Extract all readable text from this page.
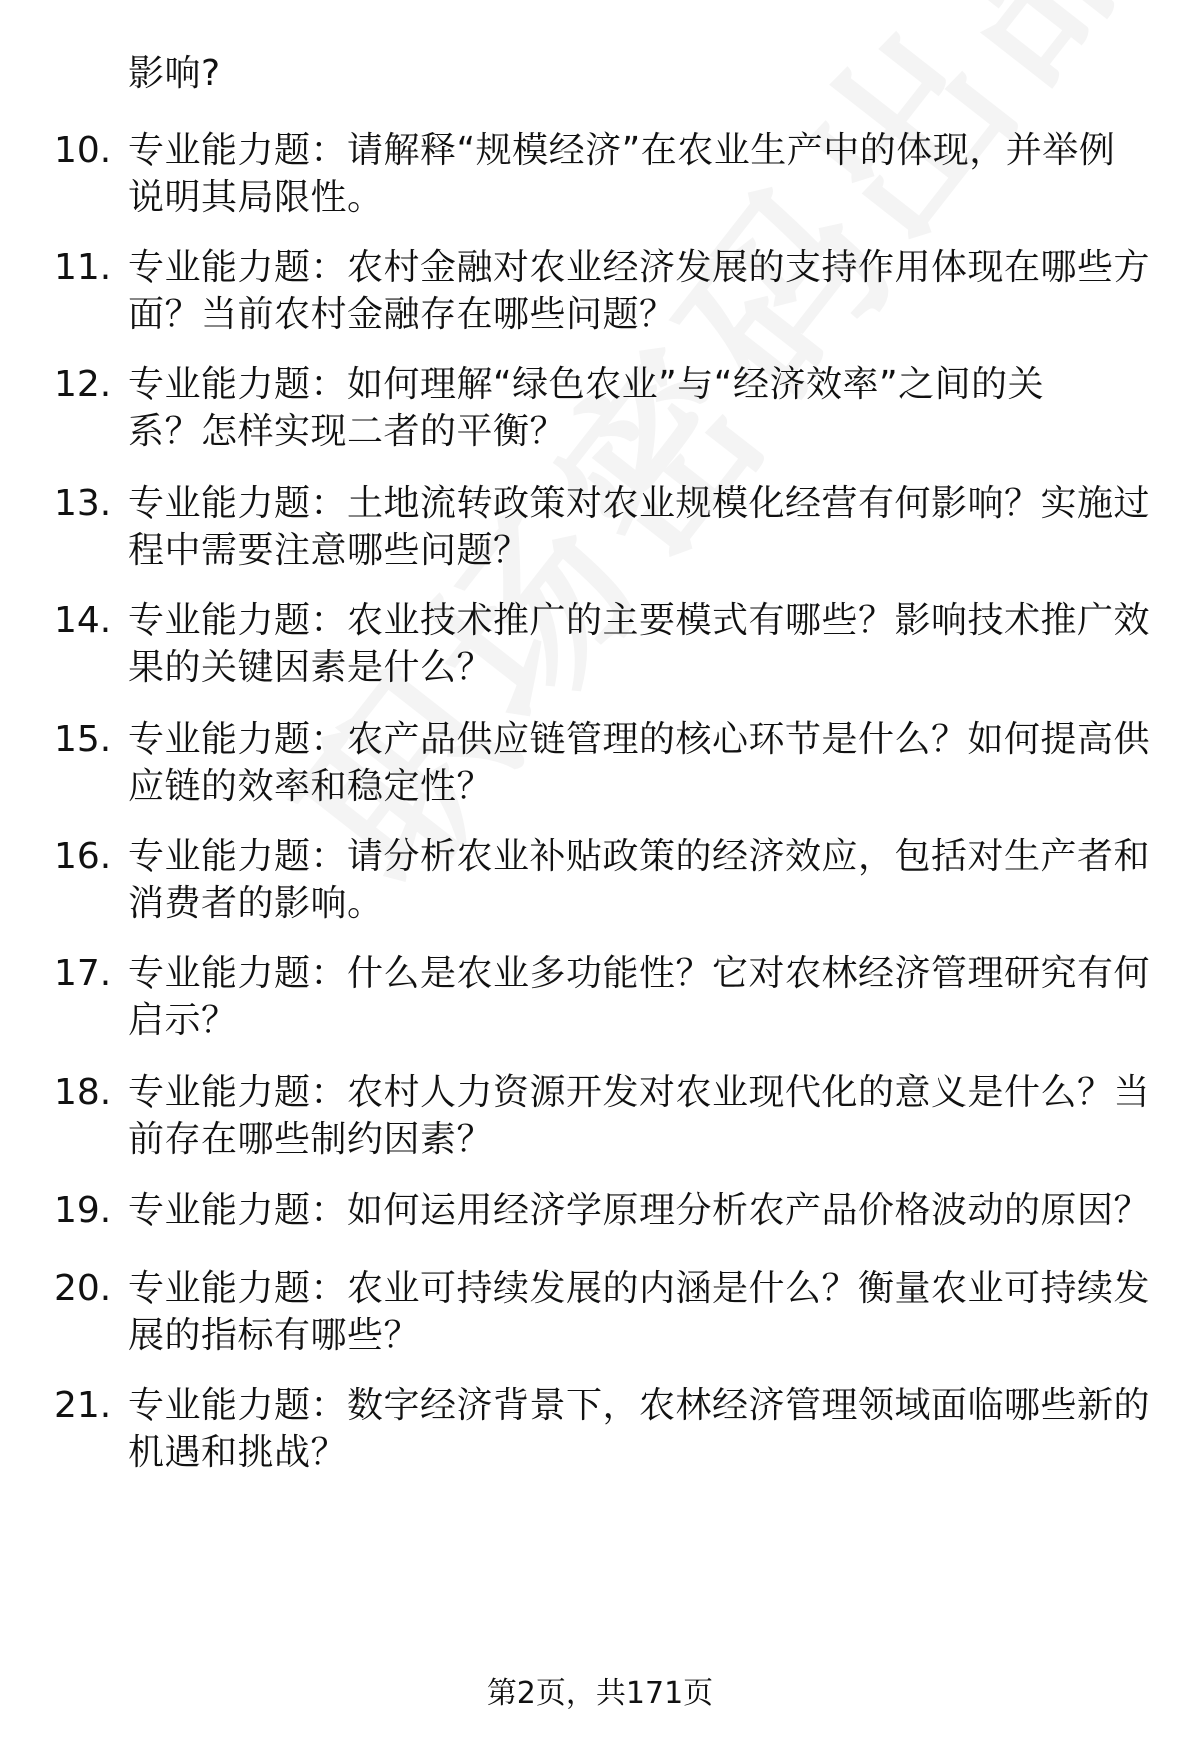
影响?
10. 专业能力题：请解释“规模经济”在农业生产中的体现，并举例
说明其局限性。
11. 专业能力题：农村金融对农业经济发展的支持作用体现在哪些方
面？当前农村金融存在哪些问题？
12. 专业能力题：如何理解“绿色农业”与“经济效率”之间的关
系？怎样实现二者的平衡？
13. 专业能力题：土地流转政策对农业规模化经营有何影响？实施过
程中需要注意哪些问题？
14. 专业能力题：农业技术推广的主要模式有哪些？影响技术推广效
果的关键因素是什么？
15. 专业能力题：农产品供应链管理的核心环节是什么？如何提高供
应链的效率和稳定性？
16. 专业能力题：请分析农业补贴政策的经济效应，包括对生产者和
消费者的影响。
17. 专业能力题：什么是农业多功能性？它对农林经济管理研究有何
启示？
18. 专业能力题：农村人力资源开发对农业现代化的意义是什么？当
前存在哪些制约因素？
19. 专业能力题：如何运用经济学原理分析农产品价格波动的原因？
20. 专业能力题：农业可持续发展的内涵是什么？衡量农业可持续发
展的指标有哪些？
21. 专业能力题：数字经济背景下，农林经济管理领域面临哪些新的
机遇和挑战？
第2页，共171页
